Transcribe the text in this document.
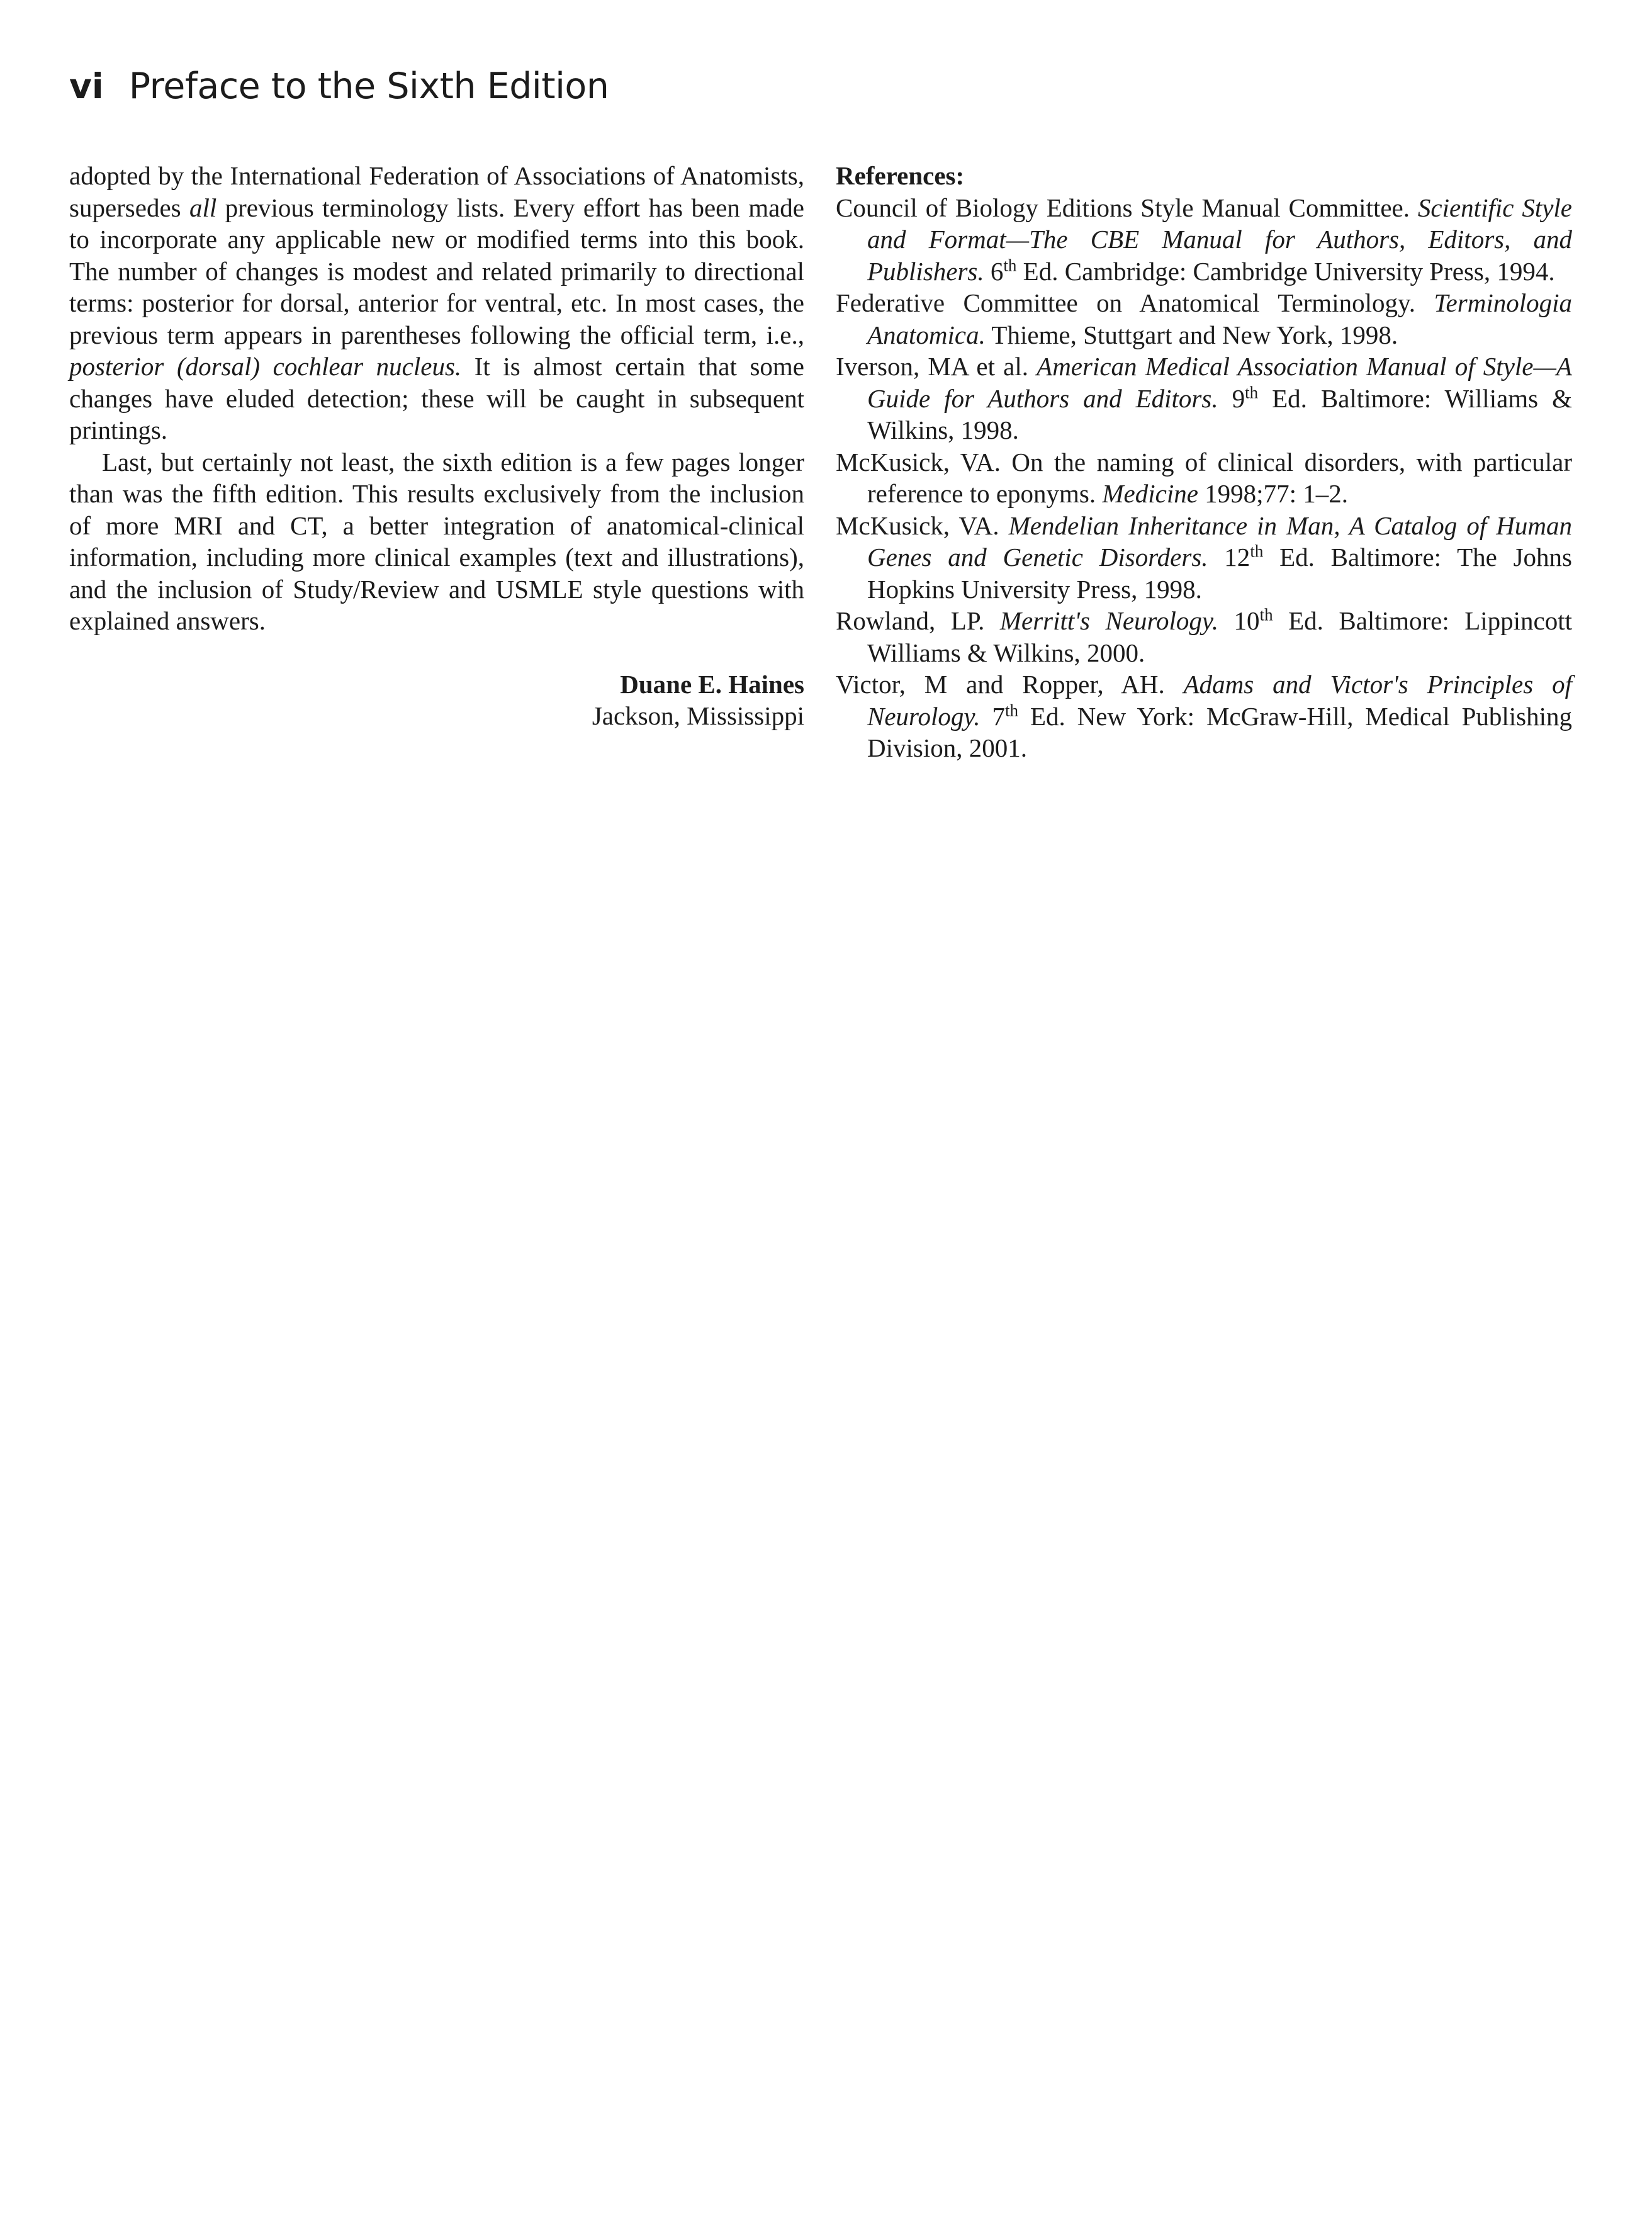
vi Preface to the Sixth Edition

adopted by the International Federation of Associations of Anatomists, supersedes all previous terminology lists. Every effort has been made to incorporate any applicable new or modified terms into this book. The number of changes is modest and related primarily to directional terms: posterior for dorsal, anterior for ventral, etc. In most cases, the previous term appears in parentheses following the official term, i.e., posterior (dorsal) cochlear nucleus. It is almost certain that some changes have eluded detection; these will be caught in subsequent printings.

Last, but certainly not least, the sixth edition is a few pages longer than was the fifth edition. This results exclusively from the inclusion of more MRI and CT, a better integration of anatomical-clinical information, including more clinical examples (text and illustrations), and the inclusion of Study/Review and USMLE style questions with explained answers.

Duane E. Haines
Jackson, Mississippi
References:
Council of Biology Editions Style Manual Committee. Scientific Style and Format—The CBE Manual for Authors, Editors, and Publishers. 6th Ed. Cambridge: Cambridge University Press, 1994.
Federative Committee on Anatomical Terminology. Terminologia Anatomica. Thieme, Stuttgart and New York, 1998.
Iverson, MA et al. American Medical Association Manual of Style—A Guide for Authors and Editors. 9th Ed. Baltimore: Williams & Wilkins, 1998.
McKusick, VA. On the naming of clinical disorders, with particular reference to eponyms. Medicine 1998;77: 1–2.
McKusick, VA. Mendelian Inheritance in Man, A Catalog of Human Genes and Genetic Disorders. 12th Ed. Baltimore: The Johns Hopkins University Press, 1998.
Rowland, LP. Merritt's Neurology. 10th Ed. Baltimore: Lippincott Williams & Wilkins, 2000.
Victor, M and Ropper, AH. Adams and Victor's Principles of Neurology. 7th Ed. New York: McGraw-Hill, Medical Publishing Division, 2001.
